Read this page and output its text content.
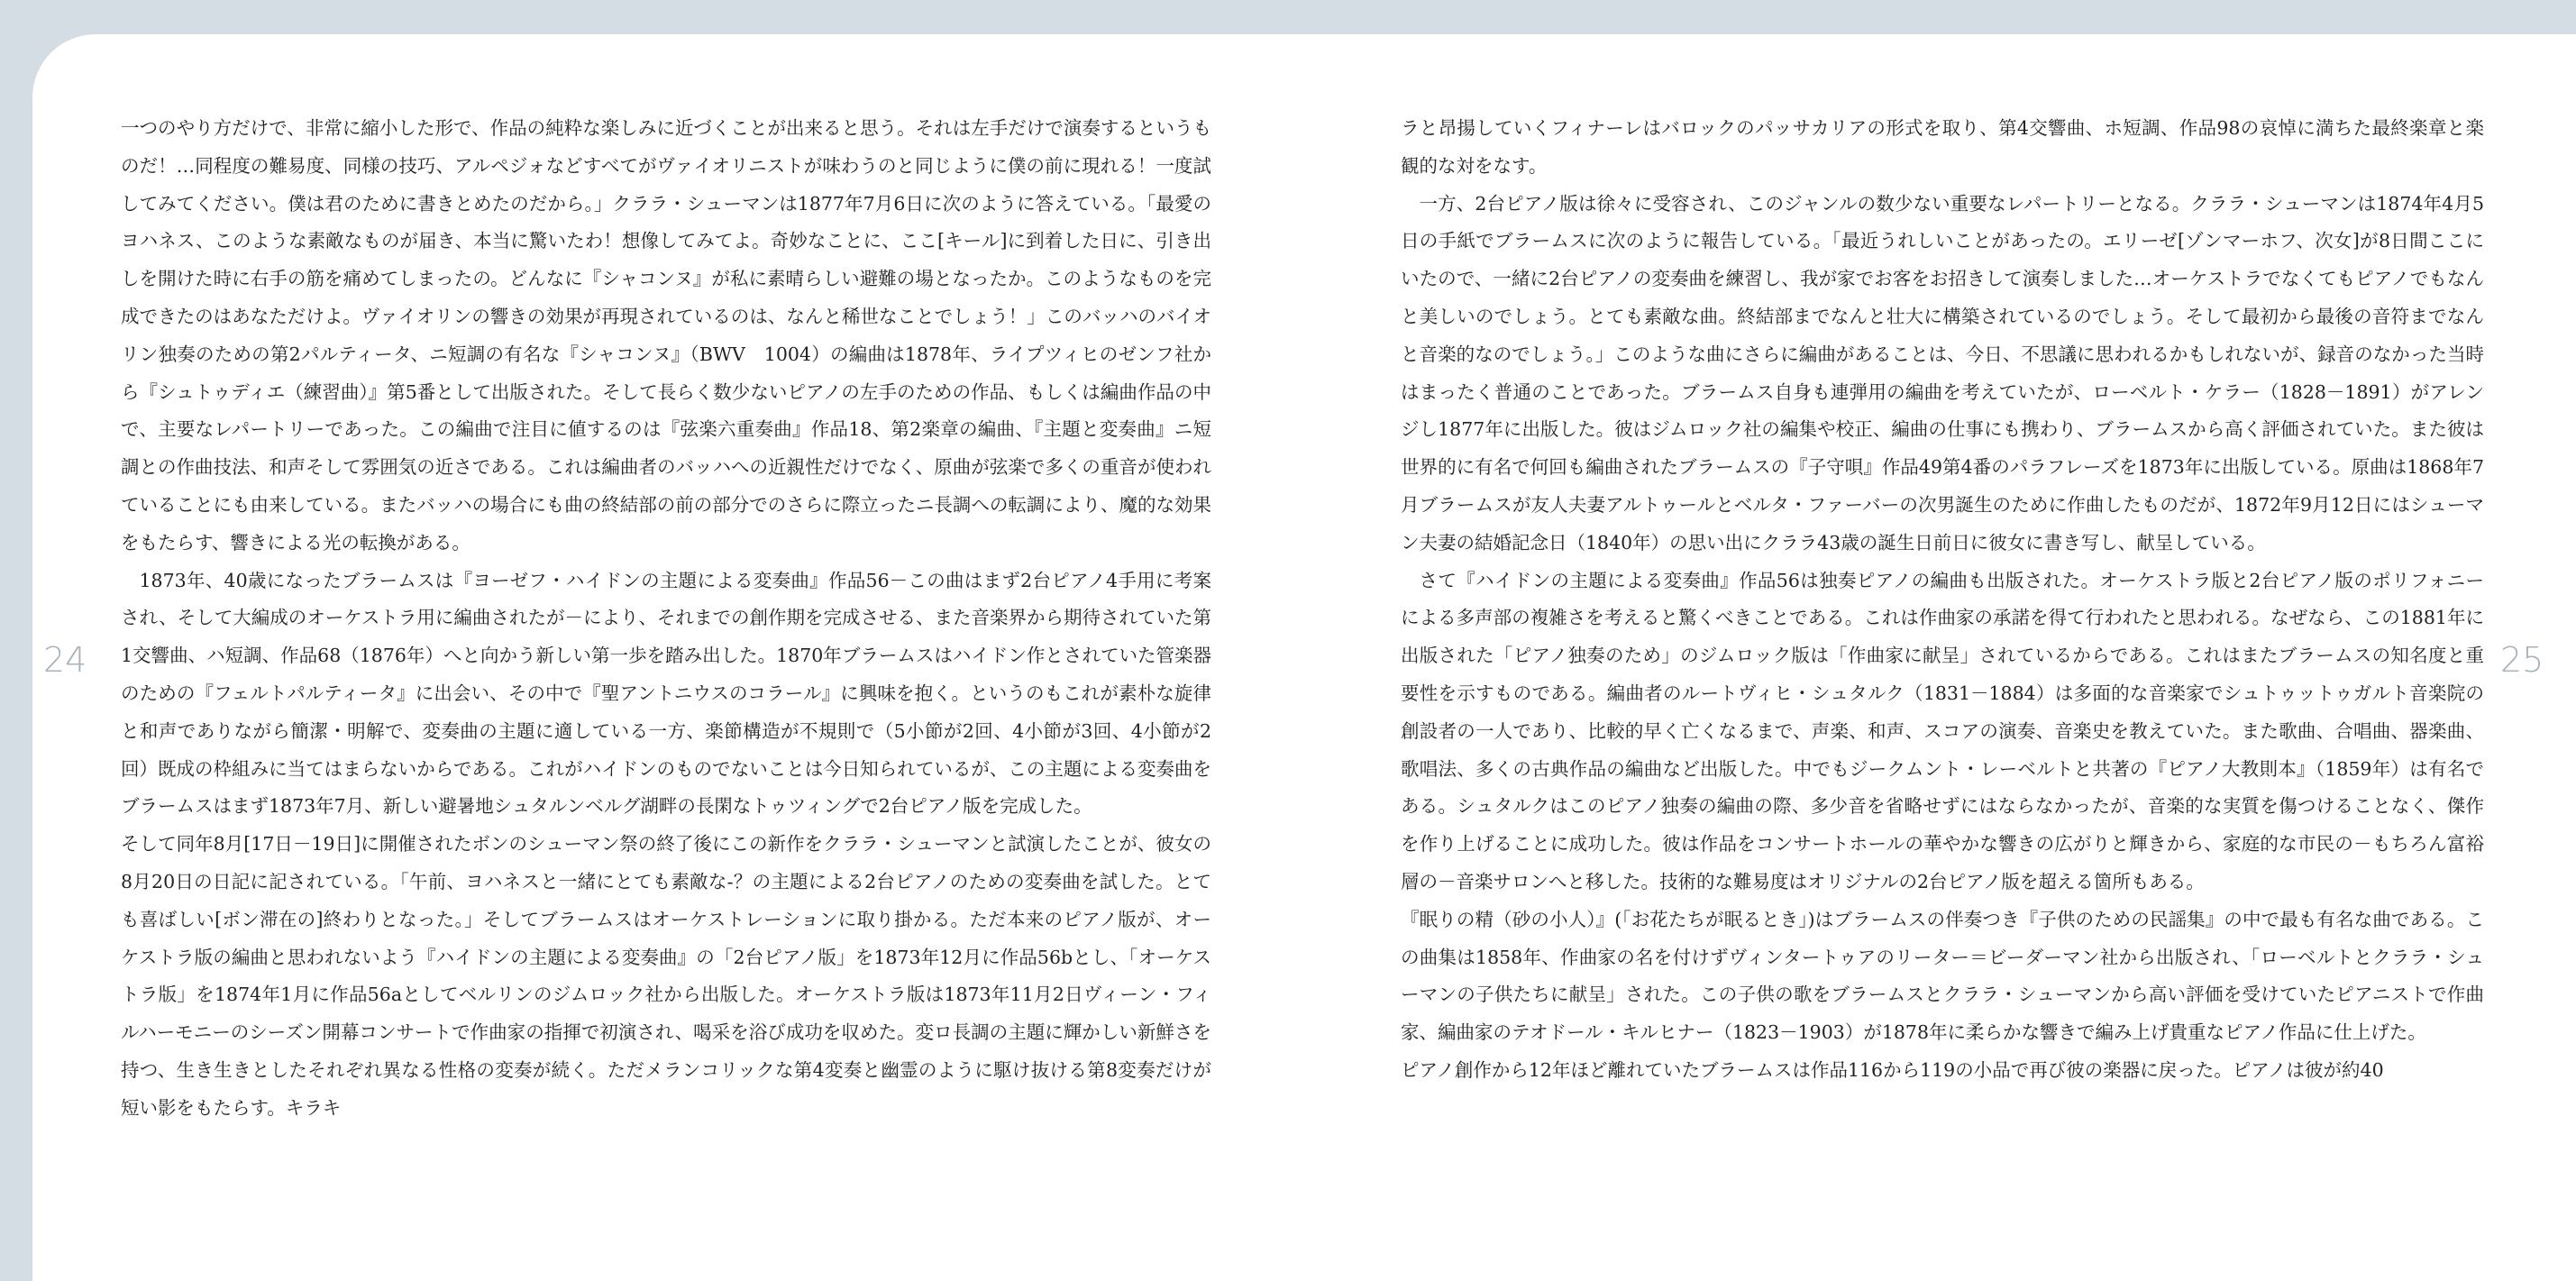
24

一つのやり方だけで、非常に縮小した形で、作品の純粋な楽しみに近づくことが出来ると思う。それは左手だけで演奏するというものだ！…同程度の難易度、同様の技巧、アルペジォなどすべてがヴァイオリニストが味わうのと同じように僕の前に現れる！一度試してみてください。僕は君のために書きとめたのだから。」クララ・シューマンは1877年7月6日に次のように答えている。「最愛のヨハネス、このような素敵なものが届き、本当に驚いたわ！想像してみてよ。奇妙なことに、ここ[キール]に到着した日に、引き出しを開けた時に右手の筋を痛めてしまったの。どんなに『シャコンヌ』が私に素晴らしい避難の場となったか。このようなものを完成できたのはあなただけよ。ヴァイオリンの響きの効果が再現されているのは、なんと稀世なことでしょう！」このバッハのバイオリン独奏のための第2パルティータ、ニ短調の有名な『シャコンヌ』（BWV　1004）の編曲は1878年、ライプツィヒのゼンフ社から『シュトゥディエ（練習曲）』第5番として出版された。そして長らく数少ないピアノの左手のための作品、もしくは編曲作品の中で、主要なレパートリーであった。この編曲で注目に値するのは『弦楽六重奏曲』作品18、第2楽章の編曲、『主題と変奏曲』ニ短調との作曲技法、和声そして雰囲気の近さである。これは編曲者のバッハへの近親性だけでなく、原曲が弦楽で多くの重音が使われていることにも由来している。またバッハの場合にも曲の終結部の前の部分でのさらに際立ったニ長調への転調により、魔的な効果をもたらす、響きによる光の転換がある。

1873年、40歳になったブラームスは『ヨーゼフ・ハイドンの主題による変奏曲』作品56－この曲はまず2台ピアノ4手用に考案され、そして大編成のオーケストラ用に編曲されたが－により、それまでの創作期を完成させる、また音楽界から期待されていた第1交響曲、ハ短調、作品68（1876年）へと向かう新しい第一歩を踏み出した。1870年ブラームスはハイドン作とされていた管楽器のための『フェルトパルティータ』に出会い、その中で『聖アントニウスのコラール』に興味を抱く。というのもこれが素朴な旋律と和声でありながら簡潔・明解で、変奏曲の主題に適している一方、楽節構造が不規則で（5小節が2回、4小節が3回、4小節が2回）既成の枠組みに当てはまらないからである。これがハイドンのものでないことは今日知られているが、この主題による変奏曲をブラームスはまず1873年7月、新しい避暑地シュタルンベルグ湖畔の長閑なトゥツィングで2台ピアノ版を完成した。

そして同年8月[17日－19日]に開催されたボンのシューマン祭の終了後にこの新作をクララ・シューマンと試演したことが、彼女の8月20日の日記に記されている。「午前、ヨハネスと一緒にとても素敵な-？の主題による2台ピアノのための変奏曲を試した。とても喜ばしい[ボン滞在の]終わりとなった。」そしてブラームスはオーケストレーションに取り掛かる。ただ本来のピアノ版が、オーケストラ版の編曲と思われないよう『ハイドンの主題による変奏曲』の「2台ピアノ版」を1873年12月に作品56bとし、「オーケストラ版」を1874年1月に作品56aとしてベルリンのジムロック社から出版した。オーケストラ版は1873年11月2日ヴィーン・フィルハーモニーのシーズン開幕コンサートで作曲家の指揮で初演され、喝采を浴び成功を収めた。変ロ長調の主題に輝かしい新鮮さを持つ、生き生きとしたそれぞれ異なる性格の変奏が続く。ただメランコリックな第4変奏と幽霊のように駆け抜ける第8変奏だけが短い影をもたらす。キラキ

ラと昂揚していくフィナーレはバロックのパッサカリアの形式を取り、第4交響曲、ホ短調、作品98の哀悼に満ちた最終楽章と楽観的な対をなす。

一方、2台ピアノ版は徐々に受容され、このジャンルの数少ない重要なレパートリーとなる。クララ・シューマンは1874年4月5日の手紙でブラームスに次のように報告している。「最近うれしいことがあったの。エリーゼ[ゾンマーホフ、次女]が8日間ここにいたので、一緒に2台ピアノの変奏曲を練習し、我が家でお客をお招きして演奏しました…オーケストラでなくてもピアノでもなんと美しいのでしょう。とても素敵な曲。終結部までなんと壮大に構築されているのでしょう。そして最初から最後の音符までなんと音楽的なのでしょう。」このような曲にさらに編曲があることは、今日、不思議に思われるかもしれないが、録音のなかった当時はまったく普通のことであった。ブラームス自身も連弾用の編曲を考えていたが、ローベルト・ケラー（1828－1891）がアレンジし1877年に出版した。彼はジムロック社の編集や校正、編曲の仕事にも携わり、ブラームスから高く評価されていた。また彼は世界的に有名で何回も編曲されたブラームスの『子守唄』作品49第4番のパラフレーズを1873年に出版している。原曲は1868年7月ブラームスが友人夫妻アルトゥールとベルタ・ファーバーの次男誕生のために作曲したものだが、1872年9月12日にはシューマン夫妻の結婚記念日（1840年）の思い出にクララ43歳の誕生日前日に彼女に書き写し、献呈している。

さて『ハイドンの主題による変奏曲』作品56は独奏ピアノの編曲も出版された。オーケストラ版と2台ピアノ版のポリフォニーによる多声部の複雑さを考えると驚くべきことである。これは作曲家の承諾を得て行われたと思われる。なぜなら、この1881年に出版された「ピアノ独奏のため」のジムロック版は「作曲家に献呈」されているからである。これはまたブラームスの知名度と重要性を示すものである。編曲者のルートヴィヒ・シュタルク（1831－1884）は多面的な音楽家でシュトゥットゥガルト音楽院の創設者の一人であり、比較的早く亡くなるまで、声楽、和声、スコアの演奏、音楽史を教えていた。また歌曲、合唱曲、器楽曲、歌唱法、多くの古典作品の編曲など出版した。中でもジークムント・レーベルトと共著の『ピアノ大教則本』（1859年）は有名である。シュタルクはこのピアノ独奏の編曲の際、多少音を省略せずにはならなかったが、音楽的な実質を傷つけることなく、傑作を作り上げることに成功した。彼は作品をコンサートホールの華やかな響きの広がりと輝きから、家庭的な市民の－もちろん富裕層の－音楽サロンへと移した。技術的な難易度はオリジナルの2台ピアノ版を超える箇所もある。

『眠りの精（砂の小人）』(「お花たちが眠るとき」)はブラームスの伴奏つき『子供のための民謡集』の中で最も有名な曲である。この曲集は1858年、作曲家の名を付けずヴィンタートゥアのリーター＝ビーダーマン社から出版され、「ローベルトとクララ・シューマンの子供たちに献呈」された。この子供の歌をブラームスとクララ・シューマンから高い評価を受けていたピアニストで作曲家、編曲家のテオドール・キルヒナー（1823－1903）が1878年に柔らかな響きで編み上げ貴重なピアノ作品に仕上げた。

ピアノ創作から12年ほど離れていたブラームスは作品116から119の小品で再び彼の楽器に戻った。ピアノは彼が約40

25
